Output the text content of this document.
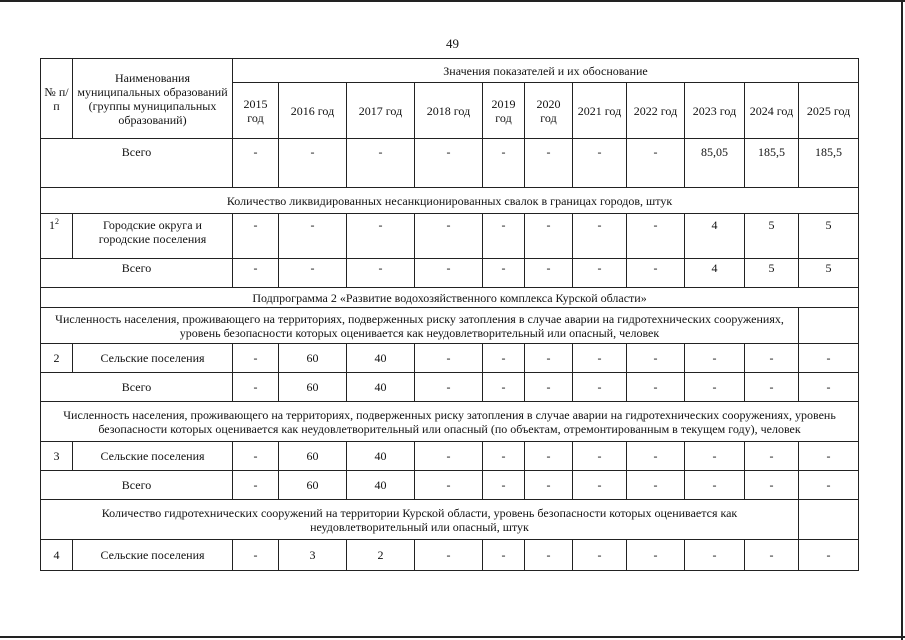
49
№ п/п	Наименования муниципальных образований (группы муниципальных образований)	Значения показателей и их обоснование										
		2015 год	2016 год	2017 год	2018 год	2019 год	2020 год	2021 год	2022 год	2023 год	2024 год	2025 год
Всего		-	-	-	-	-	-	-	-	85,05	185,5	185,5
Количество ликвидированных несанкционированных свалок в границах городов, штук												
$1^2$	Городские округа и городские поселения	-	-	-	-	-	-	-	-	4	5	5
Всего		-	-	-	-	-	-	-	-	4	5	5
Подпрограмма 2 «Развитие водохозяйственного комплекса Курской области»												
Численность населения, проживающего на территориях, подверженных риску затопления в случае аварии на гидротехнических сооружениях, уровень безопасности которых оценивается как неудовлетворительный или опасный, человек												
2	Сельские поселения	-	60	40	-	-	-	-	-	-	-	-
Всего		-	60	40	-	-	-	-	-	-	-	-
Численность населения, проживающего на территориях, подверженных риску затопления в случае аварии на гидротехнических сооружениях, уровень безопасности которых оценивается как неудовлетворительный или опасный (по объектам, отремонтированным в текущем году), человек												
3	Сельские поселения	-	60	40	-	-	-	-	-	-	-	-
Всего		-	60	40	-	-	-	-	-	-	-	-
Количество гидротехнических сооружений на территории Курской области, уровень безопасности которых оценивается как неудовлетворительный или опасный, штук												
4	Сельские поселения	-	3	2	-	-	-	-	-	-	-	-
